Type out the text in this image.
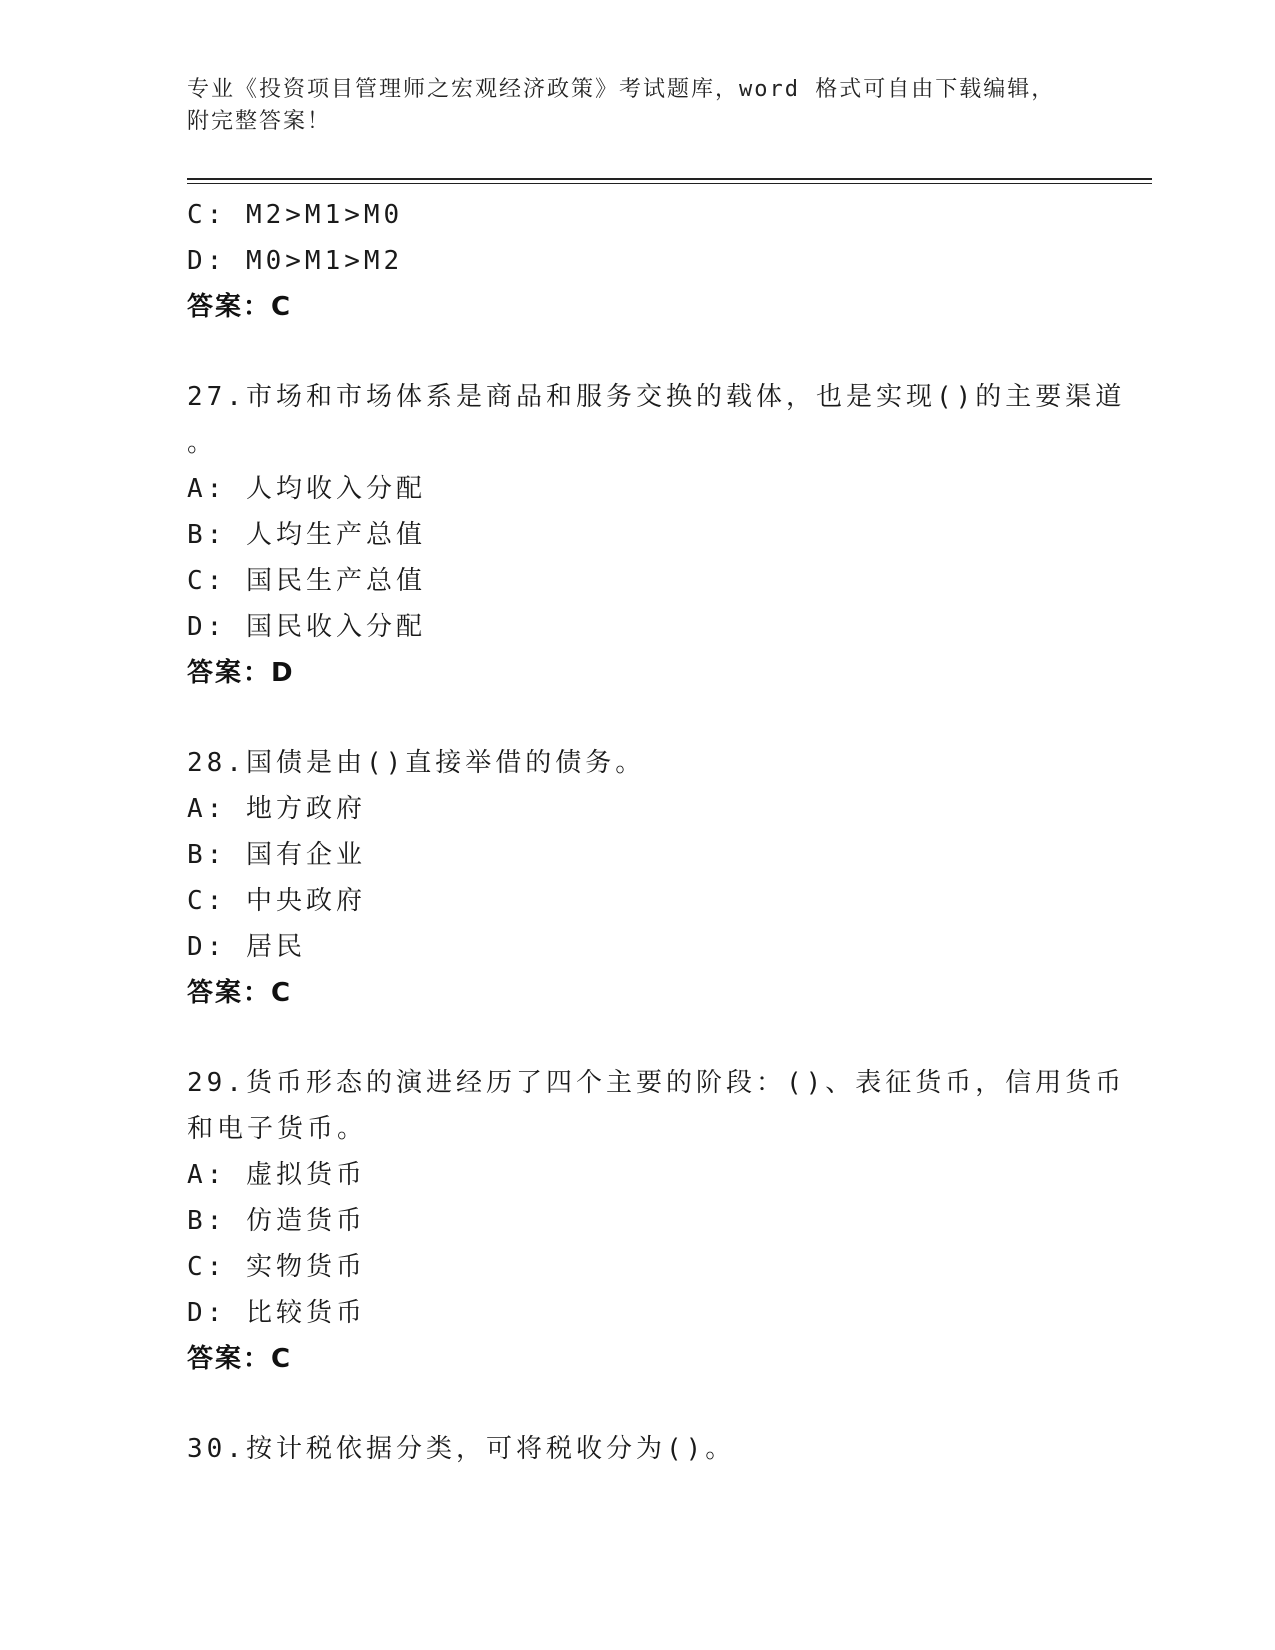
专业《投资项目管理师之宏观经济政策》考试题库，word 格式可自由下载编辑，
附完整答案！
C: M2>M1>M0
D: M0>M1>M2
答案：C
27.市场和市场体系是商品和服务交换的载体，也是实现()的主要渠道
。
A: 人均收入分配
B: 人均生产总值
C: 国民生产总值
D: 国民收入分配
答案：D
28.国债是由()直接举借的债务。
A: 地方政府
B: 国有企业
C: 中央政府
D: 居民
答案：C
29.货币形态的演进经历了四个主要的阶段：()、表征货币，信用货币
和电子货币。
A: 虚拟货币
B: 仿造货币
C: 实物货币
D: 比较货币
答案：C
30.按计税依据分类，可将税收分为()。
